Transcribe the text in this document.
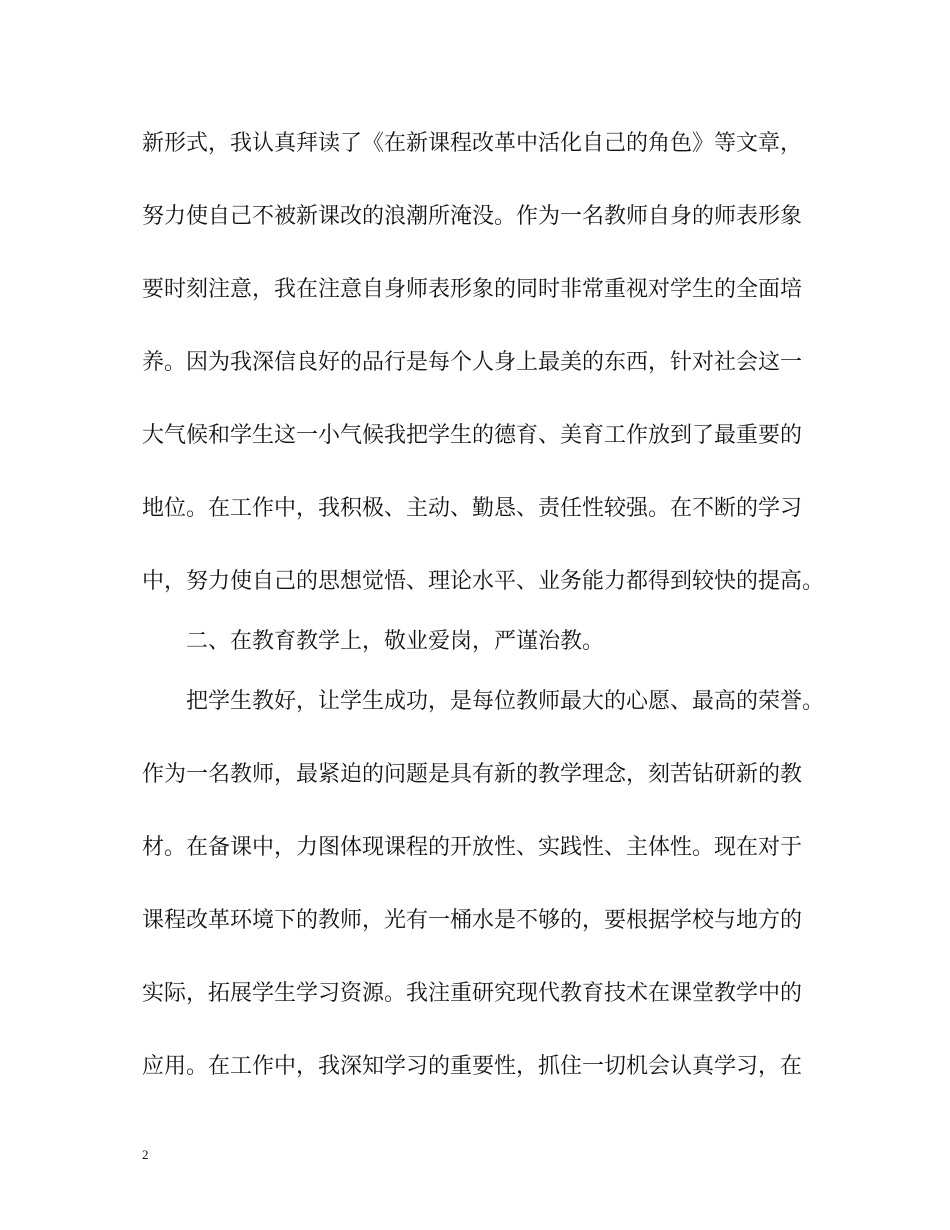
新形式，我认真拜读了《在新课程改革中活化自己的角色》等文章，
努力使自己不被新课改的浪潮所淹没。作为一名教师自身的师表形象
要时刻注意，我在注意自身师表形象的同时非常重视对学生的全面培
养。因为我深信良好的品行是每个人身上最美的东西，针对社会这一
大气候和学生这一小气候我把学生的德育、美育工作放到了最重要的
地位。在工作中，我积极、主动、勤恳、责任性较强。在不断的学习
中，努力使自己的思想觉悟、理论水平、业务能力都得到较快的提高。
二、在教育教学上，敬业爱岗，严谨治教。
把学生教好，让学生成功，是每位教师最大的心愿、最高的荣誉。
作为一名教师，最紧迫的问题是具有新的教学理念，刻苦钻研新的教
材。在备课中，力图体现课程的开放性、实践性、主体性。现在对于
课程改革环境下的教师，光有一桶水是不够的，要根据学校与地方的
实际，拓展学生学习资源。我注重研究现代教育技术在课堂教学中的
应用。在工作中，我深知学习的重要性，抓住一切机会认真学习，在
2
